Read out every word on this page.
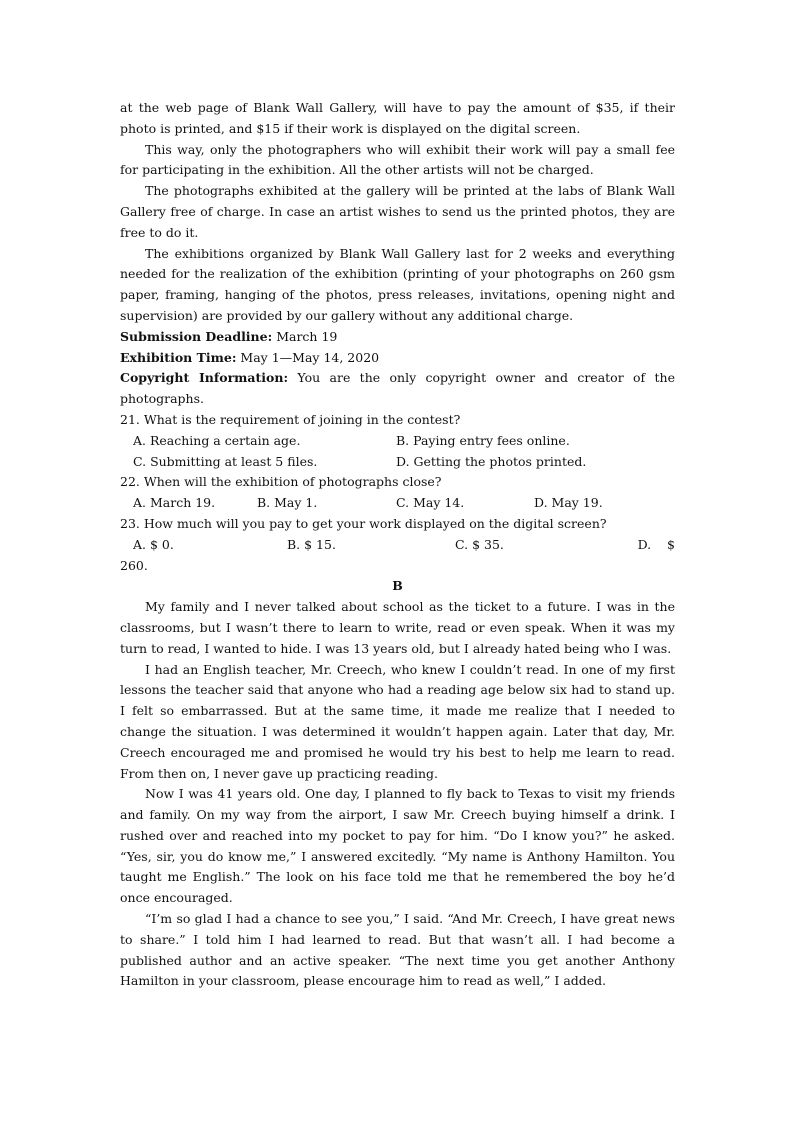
at the web page of Blank Wall Gallery, will have to pay the amount of $35, if their photo is printed, and $15 if their work is displayed on the digital screen.

This way, only the photographers who will exhibit their work will pay a small fee for participating in the exhibition. All the other artists will not be charged.

The photographs exhibited at the gallery will be printed at the labs of Blank Wall Gallery free of charge. In case an artist wishes to send us the printed photos, they are free to do it.

The exhibitions organized by Blank Wall Gallery last for 2 weeks and everything needed for the realization of the exhibition (printing of your photographs on 260 gsm paper, framing, hanging of the photos, press releases, invitations, opening night and supervision) are provided by our gallery without any additional charge.

Submission Deadline: March 19

Exhibition Time: May 1—May 14, 2020

Copyright Information: You are the only copyright owner and creator of the photographs.

21. What is the requirement of joining in the contest?

A. Reaching a certain age.	B. Paying entry fees online.
C. Submitting at least 5 files.	D. Getting the photos printed.

22. When will the exhibition of photographs close?

A. March 19.	B. May 1.	C. May 14.	D. May 19.

23. How much will you pay to get your work displayed on the digital screen?

A. $ 0.	B. $ 15.	C. $ 35.	D.    $

260.

B

My family and I never talked about school as the ticket to a future. I was in the classrooms, but I wasn’t there to learn to write, read or even speak. When it was my turn to read, I wanted to hide. I was 13 years old, but I already hated being who I was.

I had an English teacher, Mr. Creech, who knew I couldn’t read. In one of my first lessons the teacher said that anyone who had a reading age below six had to stand up. I felt so embarrassed. But at the same time, it made me realize that I needed to change the situation. I was determined it wouldn’t happen again. Later that day, Mr. Creech encouraged me and promised he would try his best to help me learn to read. From then on, I never gave up practicing reading.

Now I was 41 years old. One day, I planned to fly back to Texas to visit my friends and family. On my way from the airport, I saw Mr. Creech buying himself a drink. I rushed over and reached into my pocket to pay for him. “Do I know you?” he asked. “Yes, sir, you do know me,” I answered excitedly. “My name is Anthony Hamilton. You taught me English.” The look on his face told me that he remembered the boy he’d once encouraged.

“I’m so glad I had a chance to see you,” I said. “And Mr. Creech, I have great news to share.” I told him I had learned to read. But that wasn’t all. I had become a published author and an active speaker. “The next time you get another Anthony Hamilton in your classroom, please encourage him to read as well,” I added.
